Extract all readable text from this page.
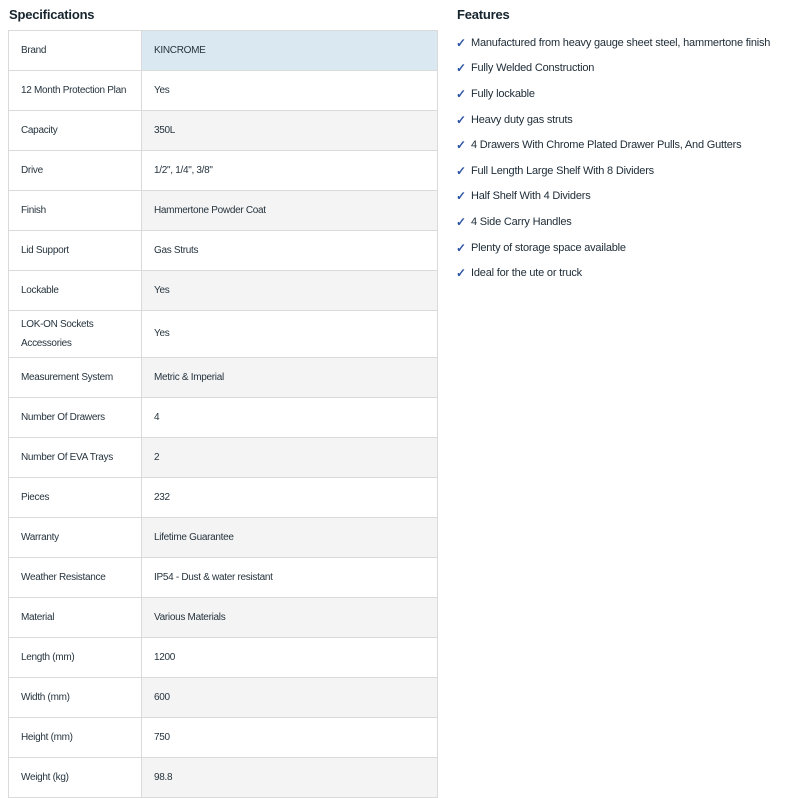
Specifications
Brand	KINCROME
12 Month Protection Plan	Yes
Capacity	350L
Drive	1/2", 1/4", 3/8"
Finish	Hammertone Powder Coat
Lid Support	Gas Struts
Lockable	Yes
LOK-ON Sockets Accessories	Yes
Measurement System	Metric & Imperial
Number Of Drawers	4
Number Of EVA Trays	2
Pieces	232
Warranty	Lifetime Guarantee
Weather Resistance	IP54 - Dust & water resistant
Material	Various Materials
Length (mm)	1200
Width (mm)	600
Height (mm)	750
Weight (kg)	98.8
Features
✓ Manufactured from heavy gauge sheet steel, hammertone finish
✓ Fully Welded Construction
✓ Fully lockable
✓ Heavy duty gas struts
✓ 4 Drawers With Chrome Plated Drawer Pulls, And Gutters
✓ Full Length Large Shelf With 8 Dividers
✓ Half Shelf With 4 Dividers
✓ 4 Side Carry Handles
✓ Plenty of storage space available
✓ Ideal for the ute or truck
